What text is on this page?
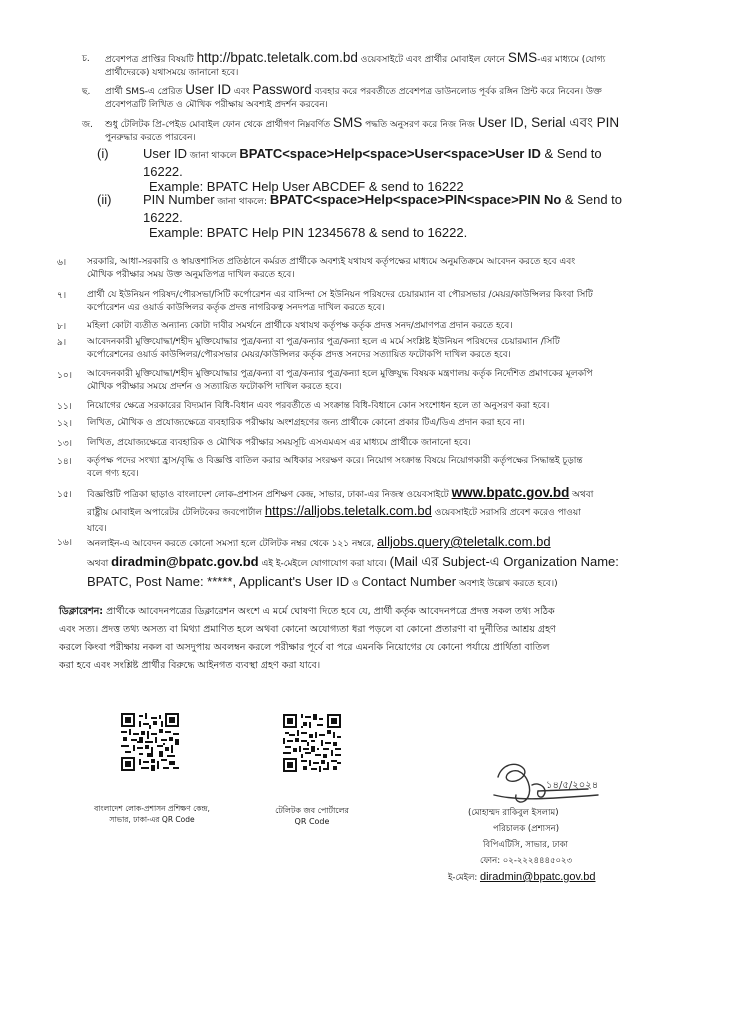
চ. প্রবেশপত্র প্রাপ্তির বিষয়টি http://bpatc.teletalk.com.bd ওয়েবসাইটে এবং প্রার্থীর মোবাইল ফোনে SMS-এর মাধ্যমে (যোগ্য
প্রার্থীদেরকে) যথাসময়ে জানানো হবে।
ছ. প্রার্থী SMS-এ প্রেরিত User ID এবং Password ব্যবহার করে পরবর্তীতে প্রবেশপত্র ডাউনলোড পূর্বক রঙ্গিন প্রিন্ট করে নিবেন। উক্ত
প্রবেশপত্রটি লিখিত ও মৌখিক পরীক্ষায় অবশ্যই প্রদর্শন করবেন।
জ. শুধু টেলিটক প্রি-পেইড মোবাইল ফোন থেকে প্রার্থীগণ নিম্নবর্ণিত SMS পদ্ধতি অনুসরণ করে নিজ নিজ User ID, Serial এবং PIN
পুনরুদ্ধার করতে পারবেন।
(i)	User ID জানা থাকলে BPATC<space>Help<space>User<space>User ID & Send to
16222.
Example: BPATC Help User ABCDEF & send to 16222
(ii) PIN Number জানা থাকলে: BPATC<space>Help<space>PIN<space>PIN No & Send to
16222.
Example: BPATC Help PIN 12345678 & send to 16222.
৬। সরকারি, আধা-সরকারি ও স্বায়ত্তশাসিত প্রতিষ্ঠানে কর্মরত প্রার্থীকে অবশ্যই যথাযথ কর্তৃপক্ষের মাধ্যমে অনুমতিক্রমে আবেদন করতে হবে এবং
মৌখিক পরীক্ষার সময় উক্ত অনুমতিপত্র দাখিল করতে হবে।
৭। প্রার্থী যে ইউনিয়ন পরিষদ/পৌরসভা/সিটি কর্পোরেশন এর বাসিন্দা সে ইউনিয়ন পরিষদের চেয়ারম্যান বা পৌরসভার /মেয়র/কাউন্সিলর কিংবা সিটি
কর্পোরেশন এর ওয়ার্ড কাউন্সিলর কর্তৃক প্রদত্ত নাগরিকত্ব সনদপত্র দাখিল করতে হবে।
৮। মহিলা কোটা ব্যতীত অন্যান্য কোটা দাবীর সমর্থনে প্রার্থীকে যথাযথ কর্তৃপক্ষ কর্তৃক প্রদত্ত সনদ/প্রমাণপত্র প্রদান করতে হবে।
৯। আবেদনকারী মুক্তিযোদ্ধা/শহীদ মুক্তিযোদ্ধার পুত্র/কন্যা বা পুত্র/কন্যার পুত্র/কন্যা হলে এ মর্মে সংশ্লিষ্ট ইউনিয়ন পরিষদের চেয়ারম্যান /সিটি
কর্পোরেশনের ওয়ার্ড কাউন্সিলর/পৌরসভার মেয়র/কাউন্সিলর কর্তৃক প্রদত্ত সনদের সত্যায়িত ফটোকপি দাখিল করতে হবে।
১০। আবেদনকারী মুক্তিযোদ্ধা/শহীদ মুক্তিযোদ্ধার পুত্র/কন্যা বা পুত্র/কন্যার পুত্র/কন্যা হলে মুক্তিযুদ্ধ বিষয়ক মন্ত্রণালয় কর্তৃক নির্দেশিত প্রমাণকের মূলকপি
মৌখিক পরীক্ষার সময়ে প্রদর্শন ও সত্যায়িত ফটোকপি দাখিল করতে হবে।
১১। নিয়োগের ক্ষেত্রে সরকারের বিদ্যমান বিধি-বিধান এবং পরবর্তীতে এ সংক্রান্ত বিধি-বিধানে কোন সংশোধন হলে তা অনুসরণ করা হবে।
১২। লিখিত, মৌখিক ও প্রযোজ্যক্ষেত্রে ব্যবহারিক পরীক্ষায় অংশগ্রহণের জন্য প্রার্থীকে কোনো প্রকার টিএ/ডিএ প্রদান করা হবে না।
১৩। লিখিত, প্রযোজ্যক্ষেত্রে ব্যবহারিক ও মৌখিক পরীক্ষার সময়সূচি এসএমএস এর মাধ্যমে প্রার্থীকে জানানো হবে।
১৪। কর্তৃপক্ষ পদের সংখ্যা হ্রাস/বৃদ্ধি ও বিজ্ঞপ্তি বাতিল করার অধিকার সংরক্ষণ করে। নিয়োগ সংক্রান্ত বিষয়ে নিয়োগকারী কর্তৃপক্ষের সিদ্ধান্তই চূড়ান্ত
বলে গণ্য হবে।
১৫। বিজ্ঞপ্তিটি পত্রিকা ছাড়াও বাংলাদেশ লোক-প্রশাসন প্রশিক্ষণ কেন্দ্র, সাভার, ঢাকা-এর নিজস্ব ওয়েবসাইটে www.bpatc.gov.bd অথবা
রাষ্ট্রীয় মোবাইল অপারেটর টেলিটকের জবপোর্টাল https://alljobs.teletalk.com.bd ওয়েবসাইটে সরাসরি প্রবেশ করেও পাওয়া
যাবে।
১৬। অনলাইন-এ আবেদন করতে কোনো সমস্যা হলে টেলিটক নম্বর থেকে ১২১ নম্বরে, alljobs.query@teletalk.com.bd
অথবা diradmin@bpatc.gov.bd এই ই-মেইলে যোগাযোগ করা যাবে। (Mail এর Subject-এ Organization Name:
BPATC, Post Name: *****, Applicant's User ID ও Contact Number অবশ্যই উল্লেখ করতে হবে।)
ডিক্লারেশন: প্রার্থীকে আবেদনপত্রের ডিক্লারেশন অংশে এ মর্মে ঘোষণা দিতে হবে যে, প্রার্থী কর্তৃক আবেদনপত্রে প্রদত্ত সকল তথ্য সঠিক
এবং সত্য। প্রদত্ত তথ্য অসত্য বা মিথ্যা প্রমাণিত হলে অথবা কোনো অযোগ্যতা ধরা পড়লে বা কোনো প্রতারণা বা দুর্নীতির আশ্রয় গ্রহণ
করলে কিংবা পরীক্ষায় নকল বা অসদুপায় অবলম্বন করলে পরীক্ষার পূর্বে বা পরে এমনকি নিয়োগের যে কোনো পর্যায়ে প্রার্থিতা বাতিল
করা হবে এবং সংশ্লিষ্ট প্রার্থীর বিরুদ্ধে আইনগত ব্যবস্থা গ্রহণ করা যাবে।
বাংলাদেশ লোক-প্রশাসন প্রশিক্ষণ কেন্দ্র,
সাভার, ঢাকা-এর QR Code
টেলিটক জব পোর্টালের
QR Code
১৪/৫/২০২৪
(মোহাম্মদ রাকিবুল ইসলাম)
পরিচালক (প্রশাসন)
বিপিএটিসি, সাভার, ঢাকা
ফোন: ০২-২২২৪৪৪৫০২৩
ই-মেইল: diradmin@bpatc.gov.bd
